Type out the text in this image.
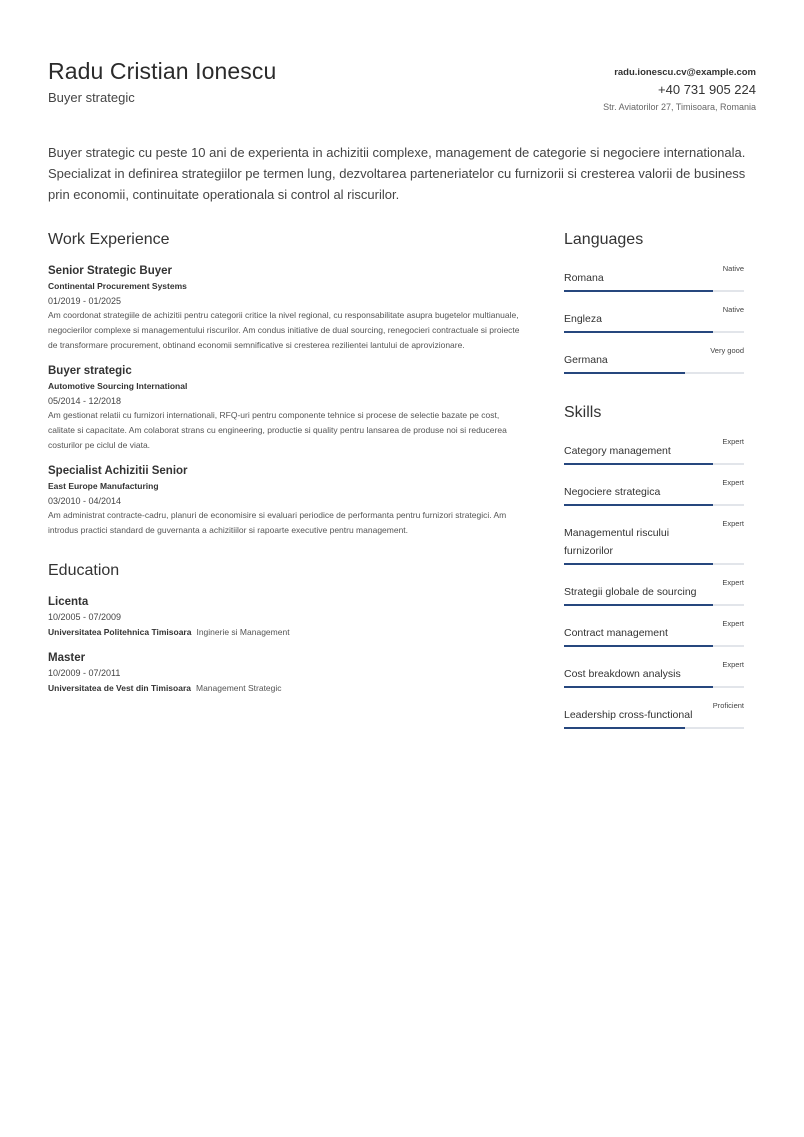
Radu Cristian Ionescu
Buyer strategic
radu.ionescu.cv@example.com
+40 731 905 224
Str. Aviatorilor 27, Timisoara, Romania
Buyer strategic cu peste 10 ani de experienta in achizitii complexe, management de categorie si negociere internationala. Specializat in definirea strategiilor pe termen lung, dezvoltarea parteneriatelor cu furnizorii si cresterea valorii de business prin economii, continuitate operationala si control al riscurilor.
Work Experience
Senior Strategic Buyer
Continental Procurement Systems
01/2019 - 01/2025
Am coordonat strategiile de achizitii pentru categorii critice la nivel regional, cu responsabilitate asupra bugetelor multianuale, negocierilor complexe si managementului riscurilor. Am condus initiative de dual sourcing, renegocieri contractuale si proiecte de transformare procurement, obtinand economii semnificative si cresterea rezilientei lantului de aprovizionare.
Buyer strategic
Automotive Sourcing International
05/2014 - 12/2018
Am gestionat relatii cu furnizori internationali, RFQ-uri pentru componente tehnice si procese de selectie bazate pe cost, calitate si capacitate. Am colaborat strans cu engineering, productie si quality pentru lansarea de produse noi si reducerea costurilor pe ciclul de viata.
Specialist Achizitii Senior
East Europe Manufacturing
03/2010 - 04/2014
Am administrat contracte-cadru, planuri de economisire si evaluari periodice de performanta pentru furnizori strategici. Am introdus practici standard de guvernanta a achizitiilor si rapoarte executive pentru management.
Education
Licenta
10/2005 - 07/2009
Universitatea Politehnica Timisoara Inginerie si Management
Master
10/2009 - 07/2011
Universitatea de Vest din Timisoara Management Strategic
Languages
Romana
Native
Engleza
Native
Germana
Very good
Skills
Category management
Expert
Negociere strategica
Expert
Managementul riscului furnizorilor
Expert
Strategii globale de sourcing
Expert
Contract management
Expert
Cost breakdown analysis
Expert
Leadership cross-functional
Proficient
